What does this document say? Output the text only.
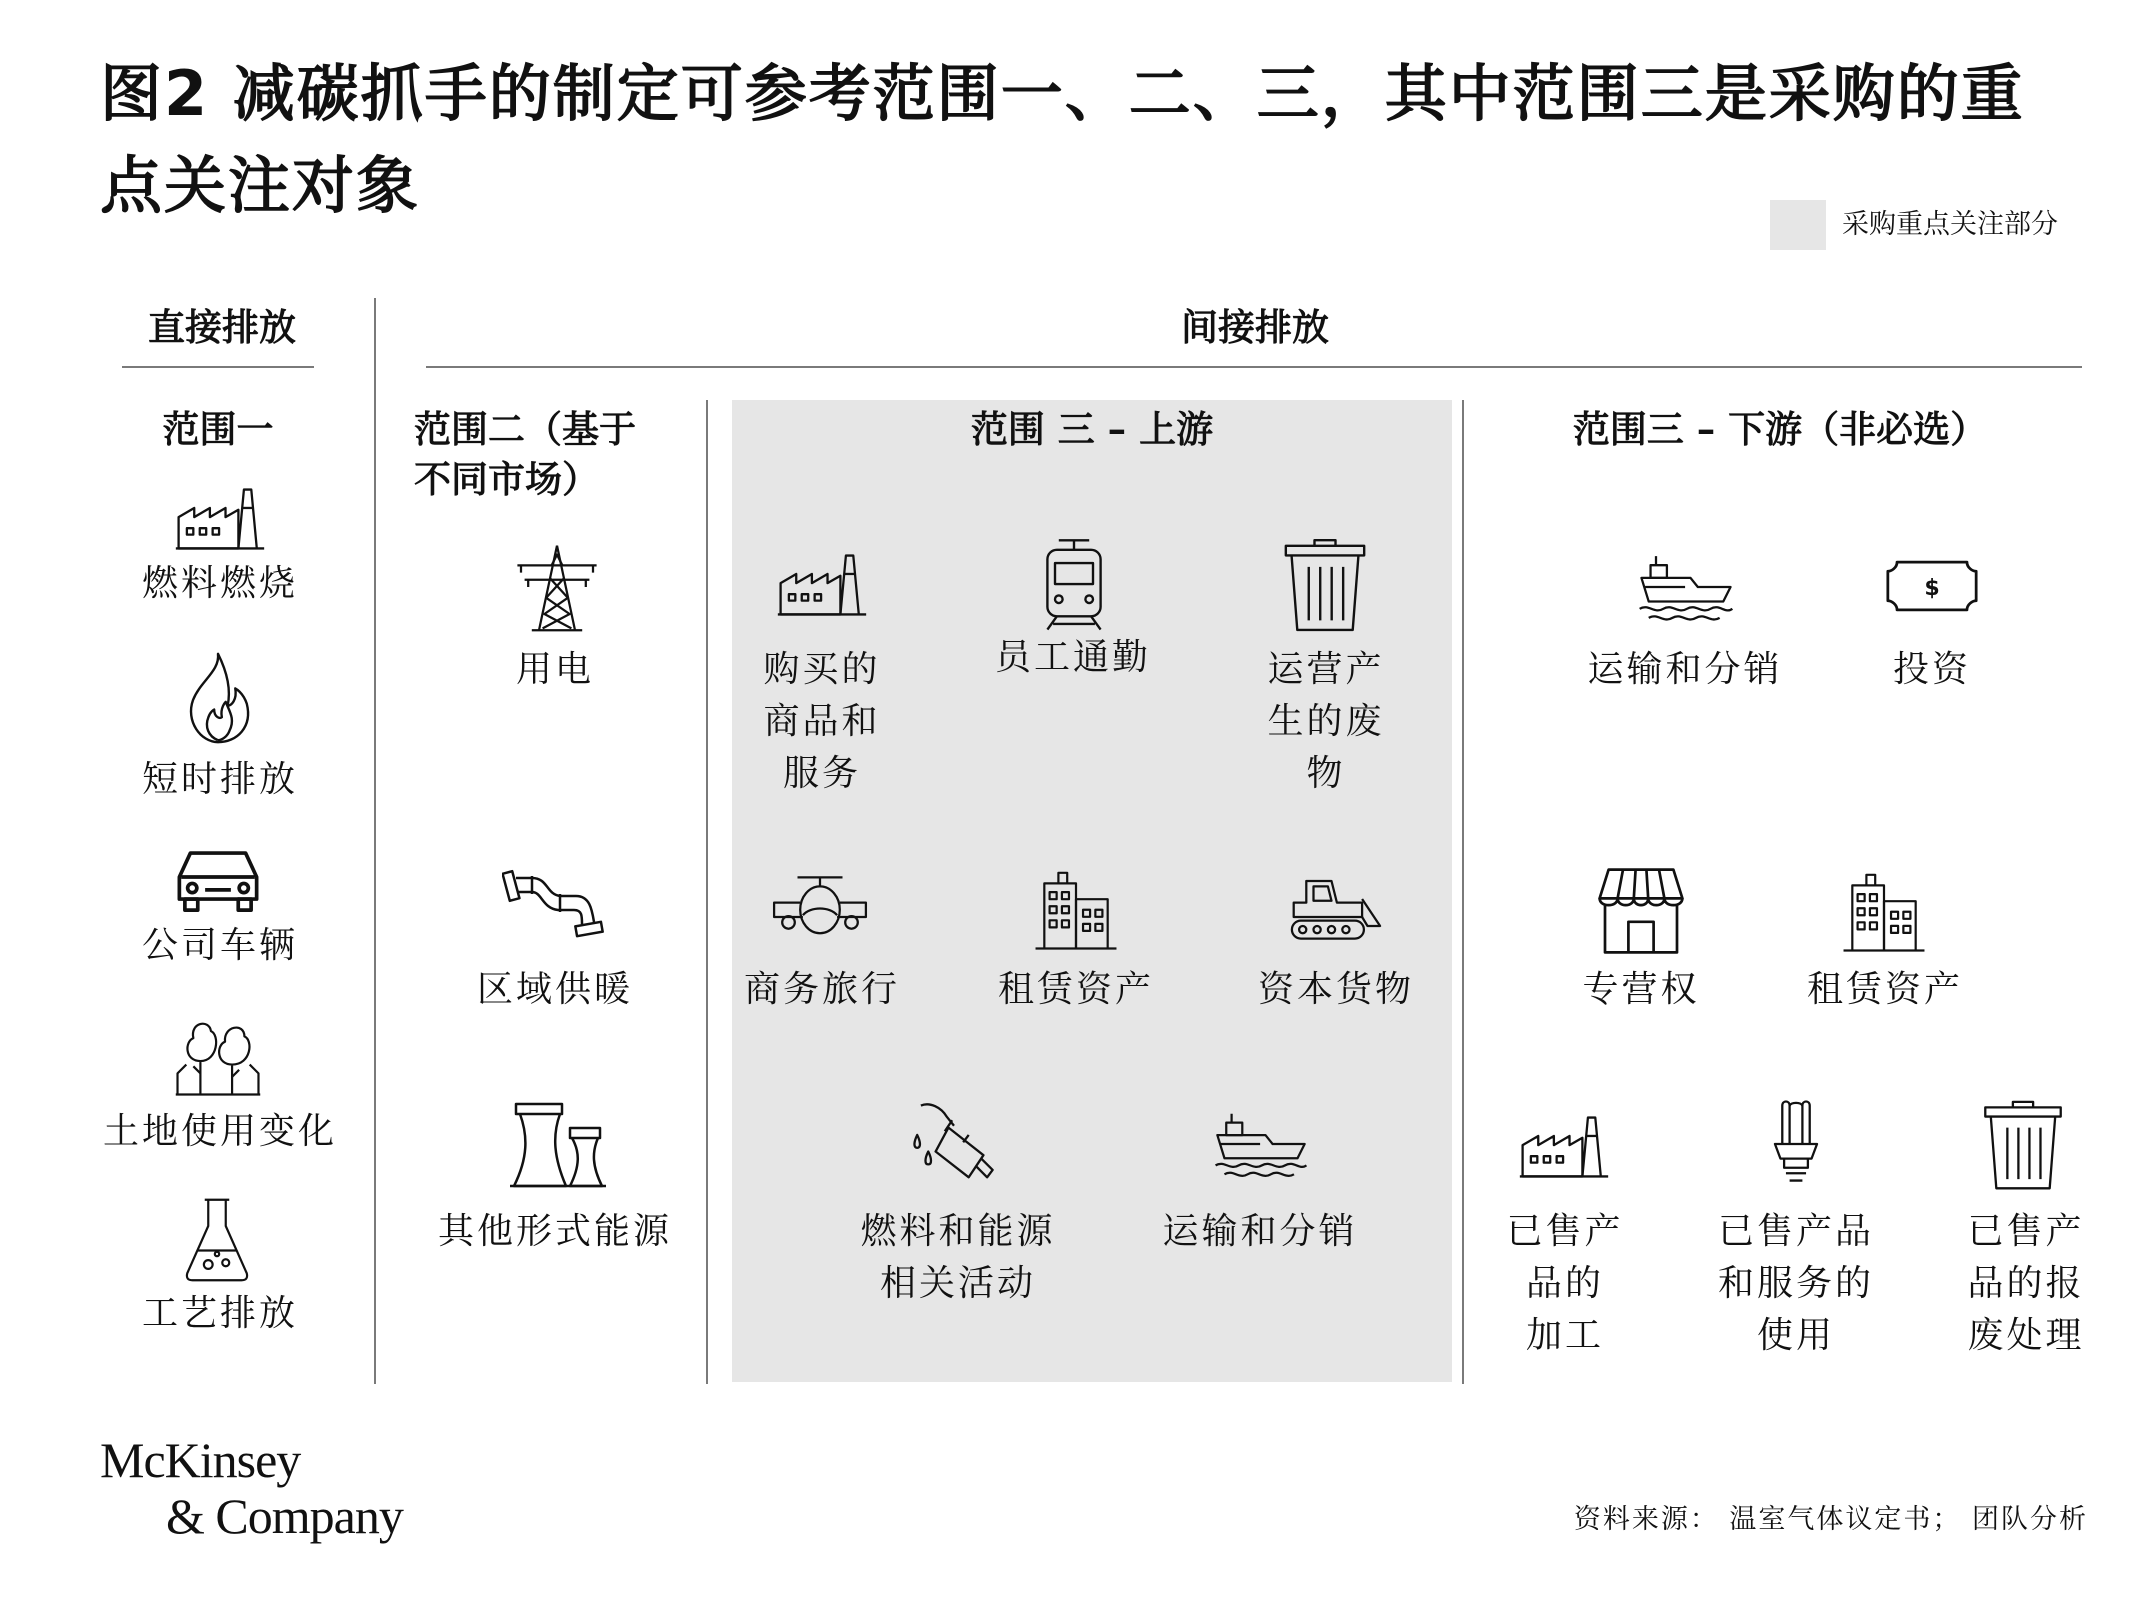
图2 减碳抓手的制定可参考范围一、二、三，其中范围三是采购的重点关注对象
采购重点关注部分
直接排放	间接排放
范围一	范围二（基于
不同市场）
范围 三 – 上游	范围三 – 下游（非必选）
燃料燃烧
短时排放
公司车辆
土地使用变化
工艺排放
用电
区域供暖
其他形式能源
购买的
商品和
服务
员工通勤	运营产
生的废
物
商务旅行	租赁资产	资本货物
燃料和能源
相关活动
运输和分销
运输和分销	投资
专营权	租赁资产
已售产
品的
加工
已售产品
和服务的
使用
已售产
品的报
废处理
McKinsey
& Company	资料来源： 温室气体议定书； 团队分析
